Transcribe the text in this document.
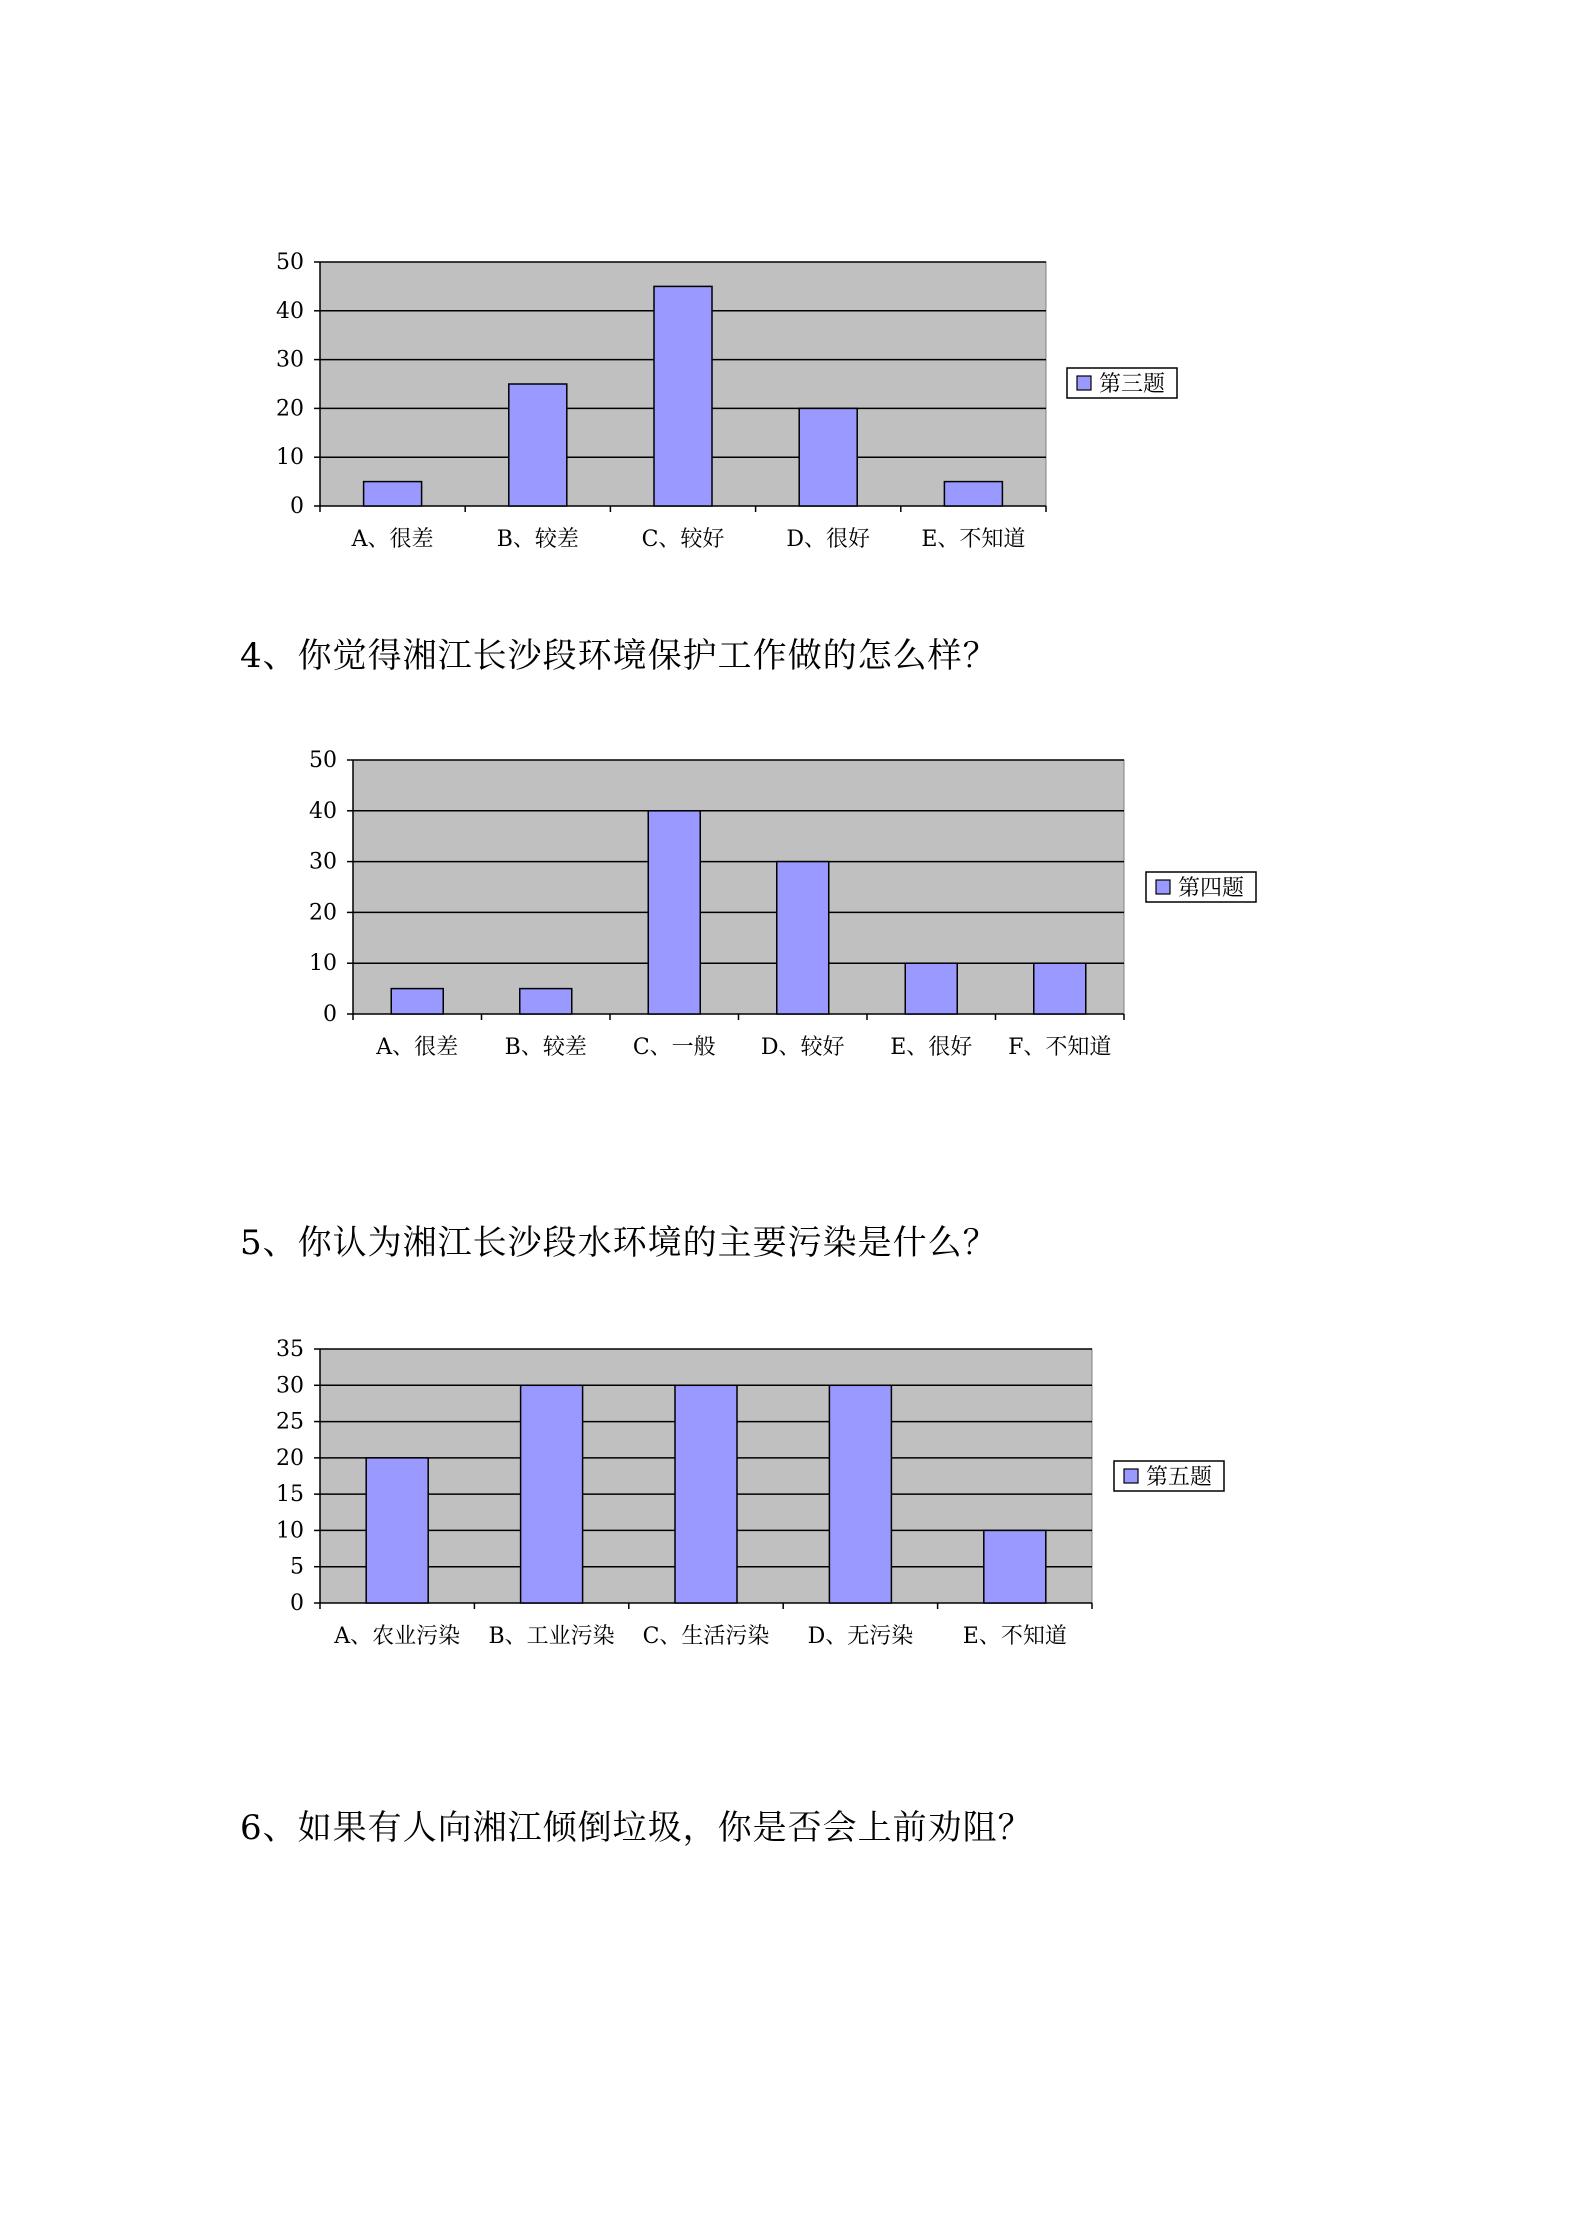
0
10
20
30
40
50
A、很差	B、较差	C、较好	D、很好 E、不知道
第三题
0
10
20
30
40
50
A、很差 B、较差 C、一般 D、较好 E、很好 F、不知道
第四题
0
5
10
15
20
25
30
35
A、农业污染 B、工业污染 C、生活污染 D、无污染 E、不知道
第五题
4、你觉得湘江长沙段环境保护工作做的怎么样？
5、你认为湘江长沙段水环境的主要污染是什么？
6、如果有人向湘江倾倒垃圾，你是否会上前劝阻？
